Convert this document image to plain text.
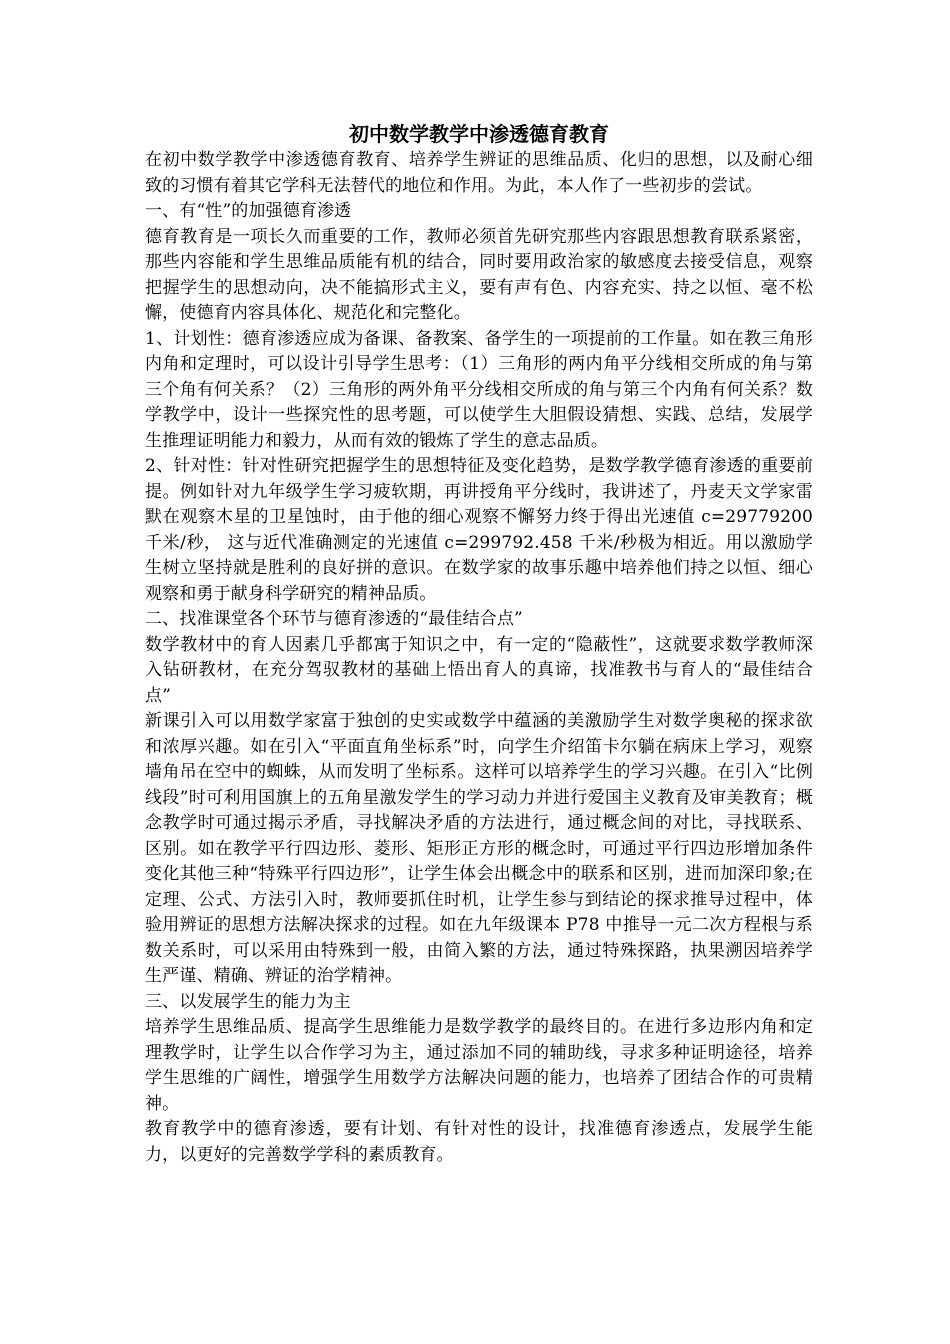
初中数学教学中渗透德育教育

在初中数学教学中渗透德育教育、培养学生辨证的思维品质、化归的思想，以及耐心细致的习惯有着其它学科无法替代的地位和作用。为此，本人作了一些初步的尝试。

一、有“性”的加强德育渗透

德育教育是一项长久而重要的工作，教师必须首先研究那些内容跟思想教育联系紧密，那些内容能和学生思维品质能有机的结合，同时要用政治家的敏感度去接受信息，观察把握学生的思想动向，决不能搞形式主义，要有声有色、内容充实、持之以恒、毫不松懈，使德育内容具体化、规范化和完整化。

1、计划性：德育渗透应成为备课、备教案、备学生的一项提前的工作量。如在教三角形内角和定理时，可以设计引导学生思考：（1）三角形的两内角平分线相交所成的角与第三个角有何关系？（2）三角形的两外角平分线相交所成的角与第三个内角有何关系？数学教学中，设计一些探究性的思考题，可以使学生大胆假设猜想、实践、总结，发展学生推理证明能力和毅力，从而有效的锻炼了学生的意志品质。

2、针对性：针对性研究把握学生的思想特征及变化趋势，是数学教学德育渗透的重要前提。例如针对九年级学生学习疲软期，再讲授角平分线时，我讲述了，丹麦天文学家雷默在观察木星的卫星蚀时，由于他的细心观察不懈努力终于得出光速值 c=29779200 千米/秒， 这与近代准确测定的光速值 c=299792.458 千米/秒极为相近。用以激励学生树立坚持就是胜利的良好拼的意识。在数学家的故事乐趣中培养他们持之以恒、细心观察和勇于献身科学研究的精神品质。

二、找准课堂各个环节与德育渗透的“最佳结合点”

数学教材中的育人因素几乎都寓于知识之中，有一定的“隐蔽性”，这就要求数学教师深入钻研教材，在充分驾驭教材的基础上悟出育人的真谛，找准教书与育人的“最佳结合点”

新课引入可以用数学家富于独创的史实或数学中蕴涵的美激励学生对数学奥秘的探求欲和浓厚兴趣。如在引入“平面直角坐标系”时，向学生介绍笛卡尔躺在病床上学习，观察墙角吊在空中的蜘蛛，从而发明了坐标系。这样可以培养学生的学习兴趣。在引入“比例线段”时可利用国旗上的五角星激发学生的学习动力并进行爱国主义教育及审美教育；概念教学时可通过揭示矛盾，寻找解决矛盾的方法进行，通过概念间的对比，寻找联系、区别。如在教学平行四边形、菱形、矩形正方形的概念时，可通过平行四边形增加条件变化其他三种“特殊平行四边形”，让学生体会出概念中的联系和区别，进而加深印象;在定理、公式、方法引入时，教师要抓住时机，让学生参与到结论的探求推导过程中，体验用辨证的思想方法解决探求的过程。如在九年级课本 P78 中推导一元二次方程根与系数关系时，可以采用由特殊到一般，由简入繁的方法，通过特殊探路，执果溯因培养学生严谨、精确、辨证的治学精神。

三、以发展学生的能力为主

培养学生思维品质、提高学生思维能力是数学教学的最终目的。在进行多边形内角和定理教学时，让学生以合作学习为主，通过添加不同的辅助线，寻求多种证明途径，培养学生思维的广阔性，增强学生用数学方法解决问题的能力，也培养了团结合作的可贵精神。

教育教学中的德育渗透，要有计划、有针对性的设计，找准德育渗透点，发展学生能力，以更好的完善数学学科的素质教育。
